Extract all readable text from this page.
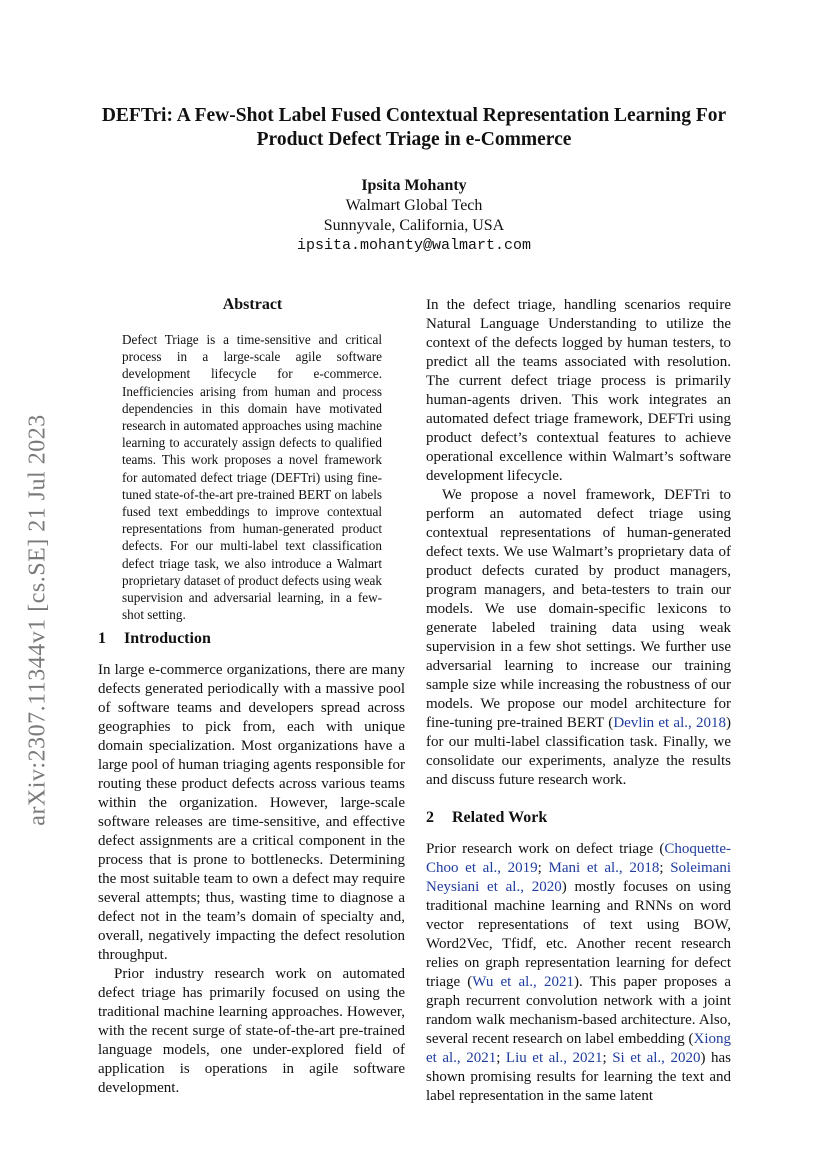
arXiv:2307.11344v1 [cs.SE] 21 Jul 2023
DEFTri: A Few-Shot Label Fused Contextual Representation Learning For
Product Defect Triage in e-Commerce
Ipsita Mohanty
Walmart Global Tech
Sunnyvale, California, USA
ipsita.mohanty@walmart.com
Abstract

Defect Triage is a time-sensitive and critical process in a large-scale agile software development lifecycle for e-commerce. Inefficiencies arising from human and process dependencies in this domain have motivated research in automated approaches using machine learning to accurately assign defects to qualified teams. This work proposes a novel framework for automated defect triage (DEFTri) using fine-tuned state-of-the-art pre-trained BERT on labels fused text embeddings to improve contextual representations from human-generated product defects. For our multi-label text classification defect triage task, we also introduce a Walmart proprietary dataset of product defects using weak supervision and adversarial learning, in a few-shot setting.

1 Introduction

In large e-commerce organizations, there are many defects generated periodically with a massive pool of software teams and developers spread across geographies to pick from, each with unique domain specialization. Most organizations have a large pool of human triaging agents responsible for routing these product defects across various teams within the organization. However, large-scale software releases are time-sensitive, and effective defect assignments are a critical component in the process that is prone to bottlenecks. Determining the most suitable team to own a defect may require several attempts; thus, wasting time to diagnose a defect not in the team’s domain of specialty and, overall, negatively impacting the defect resolution throughput.

Prior industry research work on automated defect triage has primarily focused on using the traditional machine learning approaches. However, with the recent surge of state-of-the-art pre-trained language models, one under-explored field of application is operations in agile software development.

In the defect triage, handling scenarios require Natural Language Understanding to utilize the context of the defects logged by human testers, to predict all the teams associated with resolution. The current defect triage process is primarily human-agents driven. This work integrates an automated defect triage framework, DEFTri using product defect’s contextual features to achieve operational excellence within Walmart’s software development lifecycle.

We propose a novel framework, DEFTri to perform an automated defect triage using contextual representations of human-generated defect texts. We use Walmart’s proprietary data of product defects curated by product managers, program managers, and beta-testers to train our models. We use domain-specific lexicons to generate labeled training data using weak supervision in a few shot settings. We further use adversarial learning to increase our training sample size while increasing the robustness of our models. We propose our model architecture for fine-tuning pre-trained BERT (Devlin et al., 2018) for our multi-label classification task. Finally, we consolidate our experiments, analyze the results and discuss future research work.

2 Related Work

Prior research work on defect triage (Choquette-Choo et al., 2019; Mani et al., 2018; Soleimani Neysiani et al., 2020) mostly focuses on using traditional machine learning and RNNs on word vector representations of text using BOW, Word2Vec, Tfidf, etc. Another recent research relies on graph representation learning for defect triage (Wu et al., 2021). This paper proposes a graph recurrent convolution network with a joint random walk mechanism-based architecture. Also, several recent research on label embedding (Xiong et al., 2021; Liu et al., 2021; Si et al., 2020) has shown promising results for learning the text and label representation in the same latent
